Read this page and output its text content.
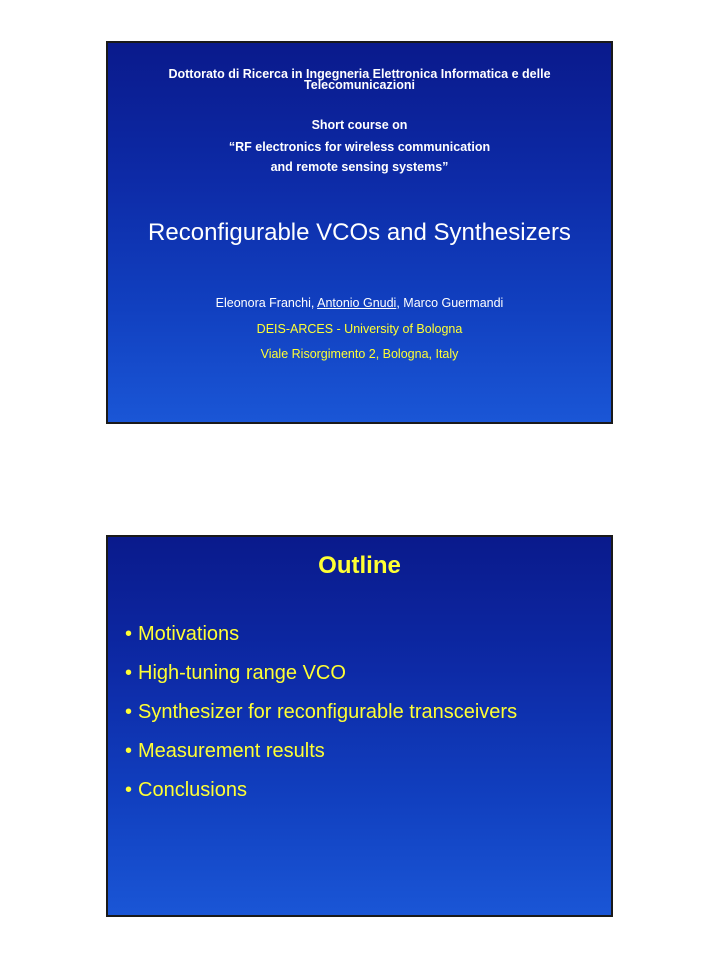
Dottorato di Ricerca in Ingegneria Elettronica Informatica e delle Telecomunicazioni
Short course on
“RF electronics for wireless communication
and remote sensing systems”
Reconfigurable VCOs and Synthesizers
Eleonora Franchi, Antonio Gnudi, Marco Guermandi
DEIS-ARCES - University of Bologna
Viale Risorgimento 2, Bologna, Italy
Outline
• Motivations
• High-tuning range VCO
• Synthesizer for reconfigurable transceivers
• Measurement results
• Conclusions
